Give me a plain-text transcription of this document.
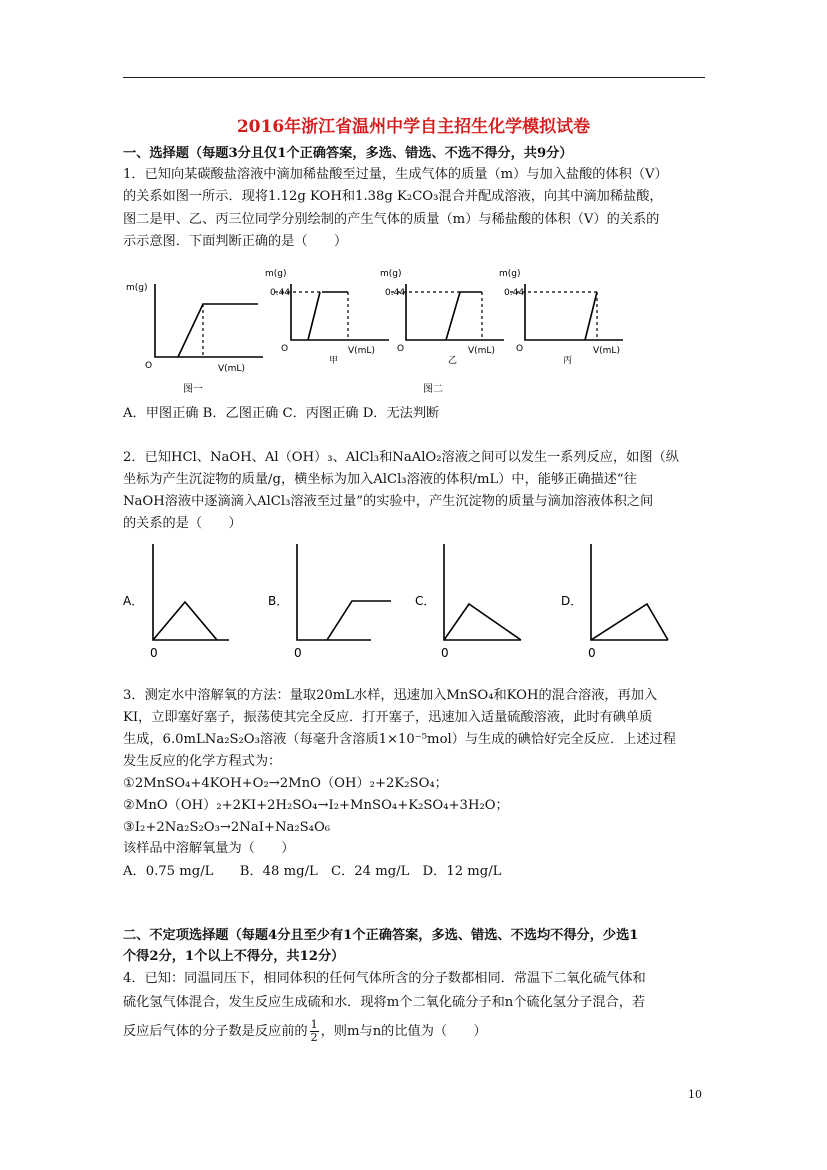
2016年浙江省温州中学自主招生化学模拟试卷

一、选择题（每题3分且仅1个正确答案，多选、错选、不选不得分，共9分）

1．已知向某碳酸盐溶液中滴加稀盐酸至过量，生成气体的质量（m）与加入盐酸的体积（V）

的关系如图一所示．现将1.12g KOH和1.38g K₂CO₃混合并配成溶液，向其中滴加稀盐酸，

图二是甲、乙、丙三位同学分别绘制的产生气体的质量（m）与稀盐酸的体积（V）的关系的

示示意图．下面判断正确的是（　　）

m(g)
O	V(mL)
图一
m(g)
0.44
O	V(mL)
甲
m(g)
0.44
O	V(mL)
乙
图二
m(g)
0.44
O	V(mL)
丙

A．甲图正确 B．乙图正确 C．丙图正确 D．无法判断

2．已知HCl、NaOH、Al（OH）₃、AlCl₃和NaAlO₂溶液之间可以发生一系列反应，如图（纵

坐标为产生沉淀物的质量/g，横坐标为加入AlCl₃溶液的体积/mL）中，能够正确描述“往

NaOH溶液中逐滴滴入AlCl₃溶液至过量”的实验中，产生沉淀物的质量与滴加溶液体积之间

的关系的是（　　）

A．	B．	C．	D．
0	0	0	0

3．测定水中溶解氧的方法：量取20mL水样，迅速加入MnSO₄和KOH的混合溶液，再加入

KI，立即塞好塞子，振荡使其完全反应．打开塞子，迅速加入适量硫酸溶液，此时有碘单质

生成，6.0mLNa₂S₂O₃溶液（每毫升含溶质1×10⁻⁵mol）与生成的碘恰好完全反应．上述过程

发生反应的化学方程式为：

①2MnSO₄+4KOH+O₂→2MnO（OH）₂+2K₂SO₄；

②MnO（OH）₂+2KI+2H₂SO₄→I₂+MnSO₄+K₂SO₄+3H₂O；

③I₂+2Na₂S₂O₃→2NaI+Na₂S₄O₆

该样品中溶解氧量为（　　）

A．0.75 mg/L　　B．48 mg/L　C．24 mg/L　D．12 mg/L

二、不定项选择题（每题4分且至少有1个正确答案，多选、错选、不选均不得分，少选1

个得2分，1个以上不得分，共12分）

4．已知：同温同压下，相同体积的任何气体所含的分子数都相同．常温下二氧化硫气体和

硫化氢气体混合，发生反应生成硫和水．现将m个二氧化硫分子和n个硫化氢分子混合，若

反应后气体的分子数是反应前的 $\frac{1}{2}$ ，则m与n的比值为（　　）
10
